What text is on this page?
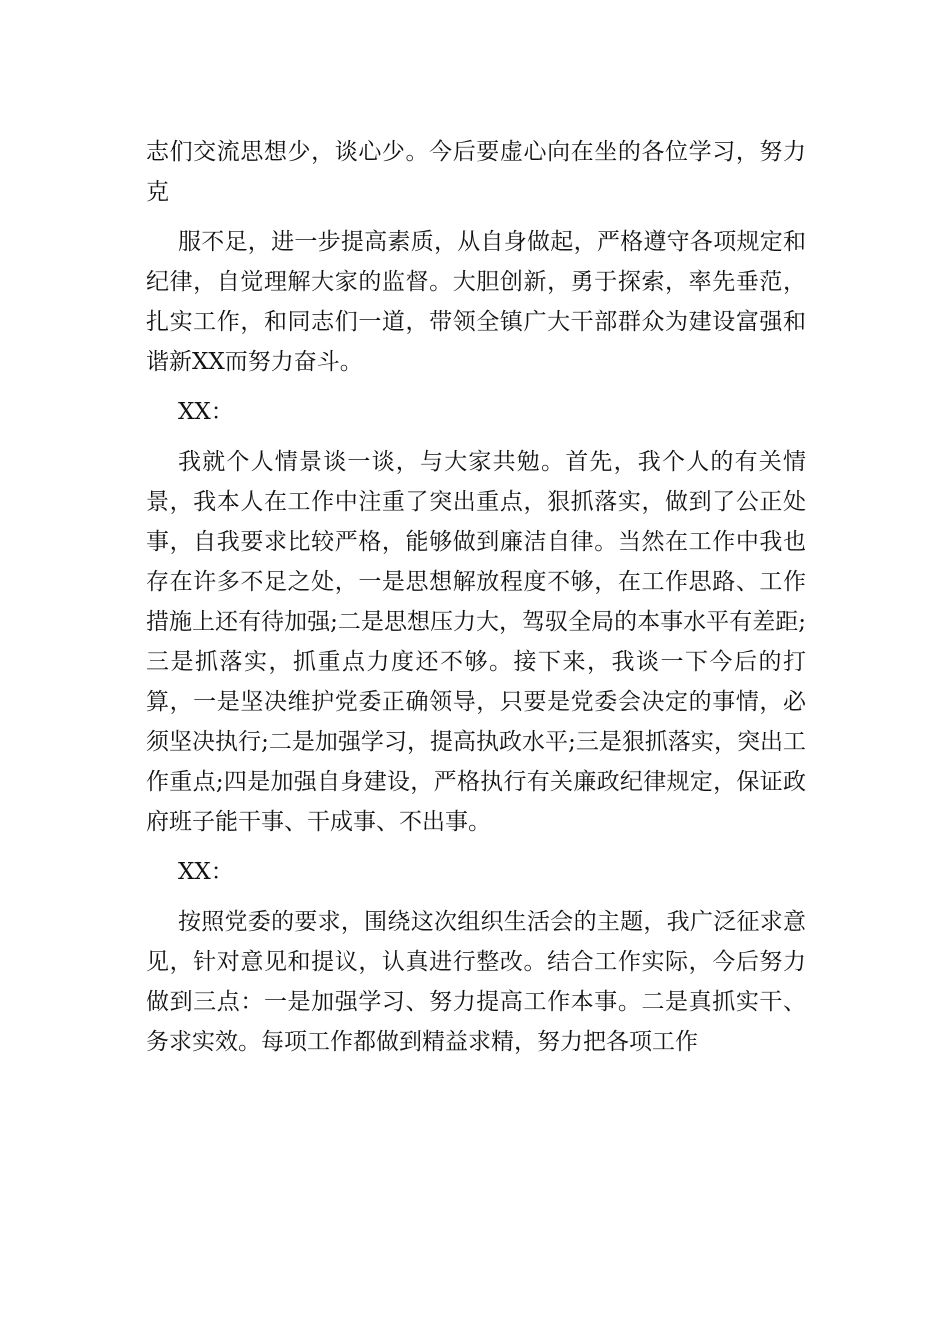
志们交流思想少，谈心少。今后要虚心向在坐的各位学习，努力克

服不足，进一步提高素质，从自身做起，严格遵守各项规定和纪律，自觉理解大家的监督。大胆创新，勇于探索，率先垂范，扎实工作，和同志们一道，带领全镇广大干部群众为建设富强和谐新XX而努力奋斗。

XX：

我就个人情景谈一谈，与大家共勉。首先，我个人的有关情景，我本人在工作中注重了突出重点，狠抓落实，做到了公正处事，自我要求比较严格，能够做到廉洁自律。当然在工作中我也存在许多不足之处，一是思想解放程度不够，在工作思路、工作措施上还有待加强;二是思想压力大，驾驭全局的本事水平有差距;三是抓落实，抓重点力度还不够。接下来，我谈一下今后的打算，一是坚决维护党委正确领导，只要是党委会决定的事情，必须坚决执行;二是加强学习，提高执政水平;三是狠抓落实，突出工作重点;四是加强自身建设，严格执行有关廉政纪律规定，保证政府班子能干事、干成事、不出事。

XX：

按照党委的要求，围绕这次组织生活会的主题，我广泛征求意见，针对意见和提议，认真进行整改。结合工作实际，今后努力做到三点：一是加强学习、努力提高工作本事。二是真抓实干、务求实效。每项工作都做到精益求精，努力把各项工作
